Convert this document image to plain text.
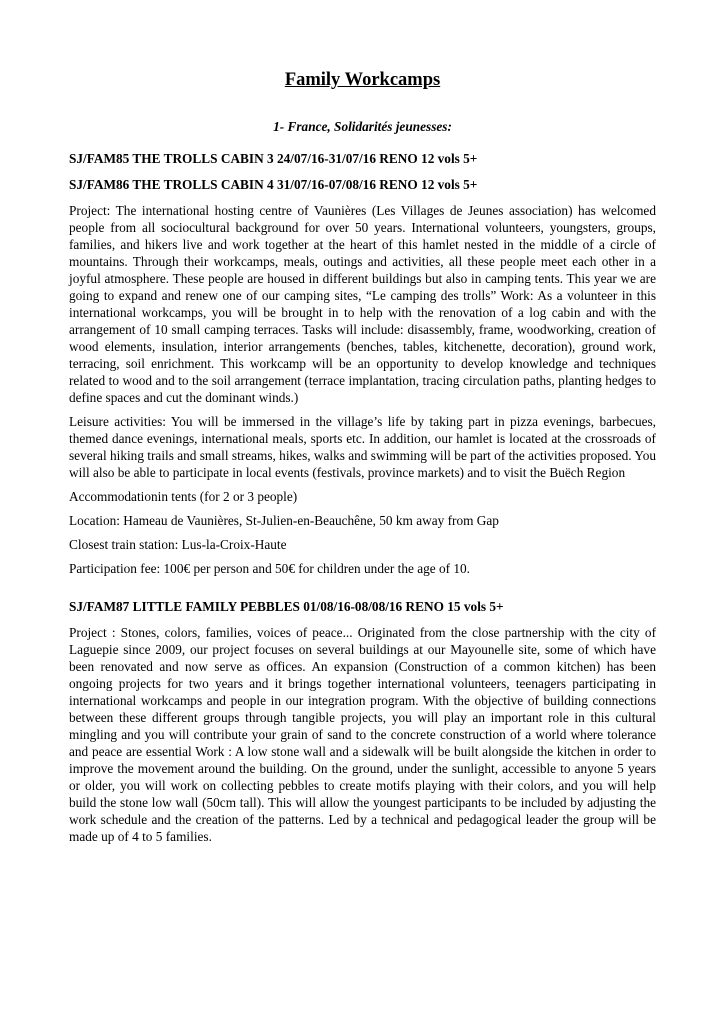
Family Workcamps
1- France, Solidarités jeunesses:
SJ/FAM85 THE TROLLS CABIN 3 24/07/16-31/07/16 RENO 12 vols 5+
SJ/FAM86 THE TROLLS CABIN 4 31/07/16-07/08/16 RENO 12 vols 5+

Project: The international hosting centre of Vaunières (Les Villages de Jeunes association) has welcomed people from all sociocultural background for over 50 years. International volunteers, youngsters, groups, families, and hikers live and work together at the heart of this hamlet nested in the middle of a circle of mountains. Through their workcamps, meals, outings and activities, all these people meet each other in a joyful atmosphere. These people are housed in different buildings but also in camping tents. This year we are going to expand and renew one of our camping sites, “Le camping des trolls” Work: As a volunteer in this international workcamps, you will be brought in to help with the renovation of a log cabin and with the arrangement of 10 small camping terraces. Tasks will include: disassembly, frame, woodworking, creation of wood elements, insulation, interior arrangements (benches, tables, kitchenette, decoration), ground work, terracing, soil enrichment. This workcamp will be an opportunity to develop knowledge and techniques related to wood and to the soil arrangement (terrace implantation, tracing circulation paths, planting hedges to define spaces and cut the dominant winds.)

Leisure activities: You will be immersed in the village’s life by taking part in pizza evenings, barbecues, themed dance evenings, international meals, sports etc. In addition, our hamlet is located at the crossroads of several hiking trails and small streams, hikes, walks and swimming will be part of the activities proposed. You will also be able to participate in local events (festivals, province markets) and to visit the Buëch Region

Accommodationin tents (for 2 or 3 people)

Location: Hameau de Vaunières, St-Julien-en-Beauchêne, 50 km away from Gap

Closest train station: Lus-la-Croix-Haute

Participation fee: 100€ per person and 50€ for children under the age of 10.

SJ/FAM87 LITTLE FAMILY PEBBLES 01/08/16-08/08/16 RENO 15 vols 5+

Project : Stones, colors, families, voices of peace... Originated from the close partnership with the city of Laguepie since 2009, our project focuses on several buildings at our Mayounelle site, some of which have been renovated and now serve as offices. An expansion (Construction of a common kitchen) has been ongoing projects for two years and it brings together international volunteers, teenagers participating in international workcamps and people in our integration program. With the objective of building connections between these different groups through tangible projects, you will play an important role in this cultural mingling and you will contribute your grain of sand to the concrete construction of a world where tolerance and peace are essential Work : A low stone wall and a sidewalk will be built alongside the kitchen in order to improve the movement around the building. On the ground, under the sunlight, accessible to anyone 5 years or older, you will work on collecting pebbles to create motifs playing with their colors, and you will help build the stone low wall (50cm tall). This will allow the youngest participants to be included by adjusting the work schedule and the creation of the patterns. Led by a technical and pedagogical leader the group will be made up of 4 to 5 families.
